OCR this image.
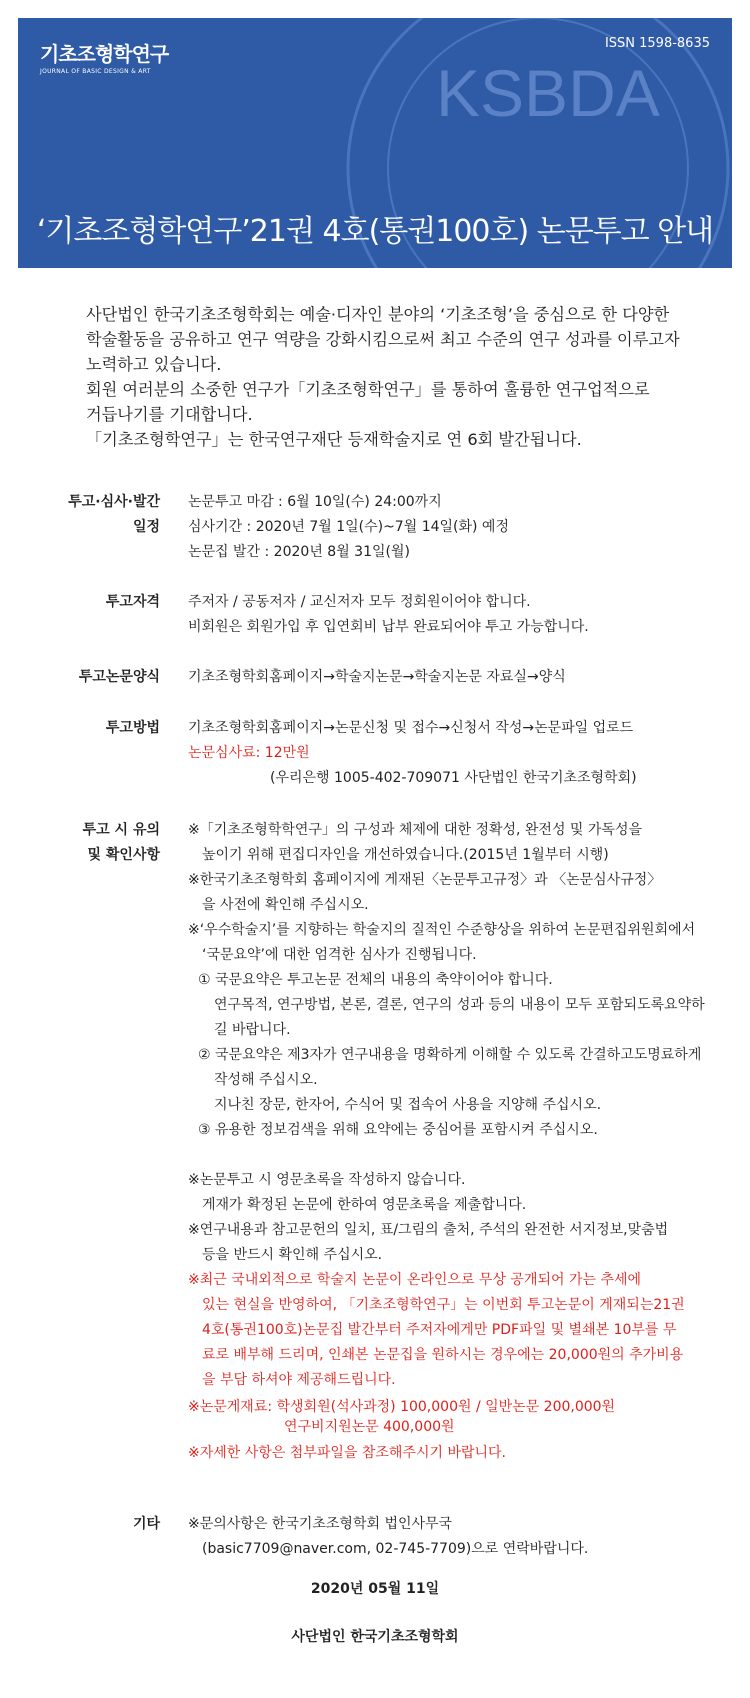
KSBDA
기초조형학연구
JOURNAL OF BASIC DESIGN & ART
ISSN 1598-8635
‘기초조형학연구’21권 4호(통권100호) 논문투고 안내

사단법인 한국기초조형학회는 예술·디자인 분야의 ‘기초조형’을 중심으로 한 다양한

학술활동을 공유하고 연구 역량을 강화시킴으로써 최고 수준의 연구 성과를 이루고자

노력하고 있습니다.

회원 여러분의 소중한 연구가「기초조형학연구」를 통하여 훌륭한 연구업적으로

거듭나기를 기대합니다.

「기초조형학연구」는 한국연구재단 등재학술지로 연 6회 발간됩니다.

투고·심사·발간
일정

논문투고 마감 : 6월 10일(수) 24:00까지

심사기간 : 2020년 7월 1일(수)~7월 14일(화) 예정

논문집 발간 : 2020년 8월 31일(월)

투고자격 주저자 / 공동저자 / 교신저자 모두 정회원이어야 합니다.

비회원은 회원가입 후 입연회비 납부 완료되어야 투고 가능합니다.

투고논문양식 기초조형학회홈페이지→학술지논문→학술지논문 자료실→양식

투고방법 기초조형학회홈페이지→논문신청 및 접수→신청서 작성→논문파일 업로드

논문심사료: 12만원

(우리은행 1005-402-709071 사단법인 한국기초조형학회)

투고 시 유의
및 확인사항

※「기초조형학학연구」의 구성과 체제에 대한 정확성, 완전성 및 가독성을

높이기 위해 편집디자인을 개선하였습니다.(2015년 1월부터 시행)

※한국기초조형학회 홈페이지에 게재된〈논문투고규정〉과 〈논문심사규정〉

을 사전에 확인해 주십시오.

※‘우수학술지’를 지향하는 학술지의 질적인 수준향상을 위하여 논문편집위원회에서

‘국문요약’에 대한 엄격한 심사가 진행됩니다.

① 국문요약은 투고논문 전체의 내용의 축약이어야 합니다.

연구목적, 연구방법, 본론, 결론, 연구의 성과 등의 내용이 모두 포함되도록요약하

길 바랍니다.

② 국문요약은 제3자가 연구내용을 명확하게 이해할 수 있도록 간결하고도명료하게

작성해 주십시오.

지나친 장문, 한자어, 수식어 및 접속어 사용을 지양해 주십시오.

③ 유용한 정보검색을 위해 요약에는 중심어를 포함시켜 주십시오.

※논문투고 시 영문초록을 작성하지 않습니다.

게재가 확정된 논문에 한하여 영문초록을 제출합니다.

※연구내용과 참고문헌의 일치, 표/그림의 출처, 주석의 완전한 서지정보,맞춤법

등을 반드시 확인해 주십시오.

※최근 국내외적으로 학술지 논문이 온라인으로 무상 공개되어 가는 추세에

있는 현실을 반영하여, 「기초조형학연구」는 이번회 투고논문이 게재되는21권

4호(통권100호)논문집 발간부터 주저자에게만 PDF파일 및 별쇄본 10부를 무

료로 배부해 드리며, 인쇄본 논문집을 원하시는 경우에는 20,000원의 추가비용

을 부담 하셔야 제공해드립니다.

※논문게재료: 학생회원(석사과정) 100,000원 / 일반논문 200,000원

연구비지원논문 400,000원

※자세한 사항은 첨부파일을 참조해주시기 바랍니다.

기타 ※문의사항은 한국기초조형학회 법인사무국

(basic7709@naver.com, 02-745-7709)으로 연락바랍니다.

2020년 05월 11일
사단법인 한국기초조형학회
